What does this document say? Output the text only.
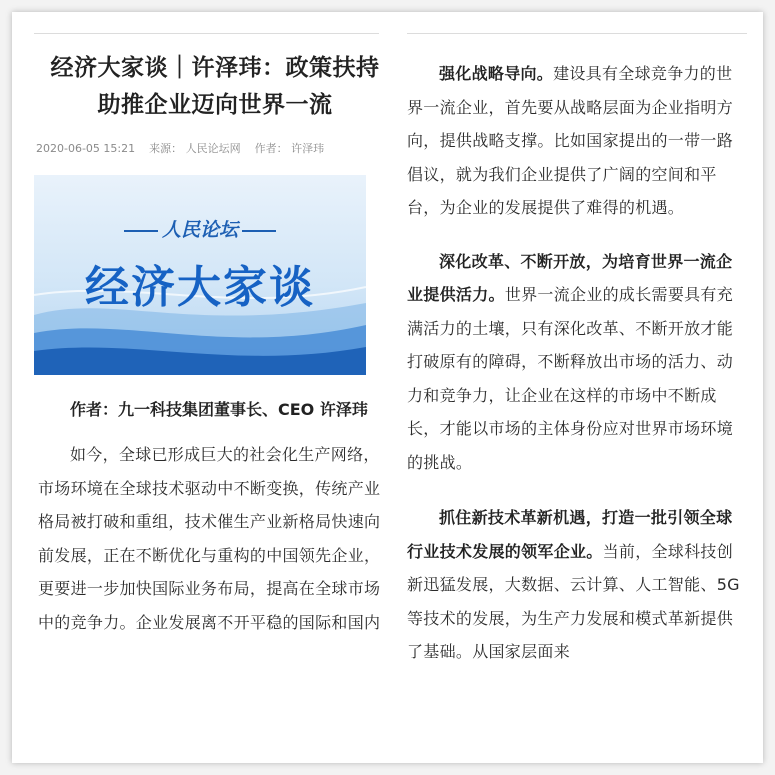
经济大家谈｜许泽玮：政策扶持助推企业迈向世界一流
2020-06-05 15:21 来源： 人民论坛网 作者： 许泽玮
人民论坛
经济大家谈
作者：九一科技集团董事长、CEO 许泽玮

如今，全球已形成巨大的社会化生产网络，市场环境在全球技术驱动中不断变换，传统产业格局被打破和重组，技术催生产业新格局快速向前发展，正在不断优化与重构的中国领先企业，更要进一步加快国际业务布局，提高在全球市场中的竞争力。企业发展离不开平稳的国际和国内

强化战略导向。建设具有全球竞争力的世界一流企业，首先要从战略层面为企业指明方向，提供战略支撑。比如国家提出的一带一路倡议，就为我们企业提供了广阔的空间和平台，为企业的发展提供了难得的机遇。

深化改革、不断开放，为培育世界一流企业提供活力。世界一流企业的成长需要具有充满活力的土壤，只有深化改革、不断开放才能打破原有的障碍，不断释放出市场的活力、动力和竞争力，让企业在这样的市场中不断成长，才能以市场的主体身份应对世界市场环境的挑战。

抓住新技术革新机遇，打造一批引领全球行业技术发展的领军企业。当前，全球科技创新迅猛发展，大数据、云计算、人工智能、5G等技术的发展，为生产力发展和模式革新提供了基础。从国家层面来
